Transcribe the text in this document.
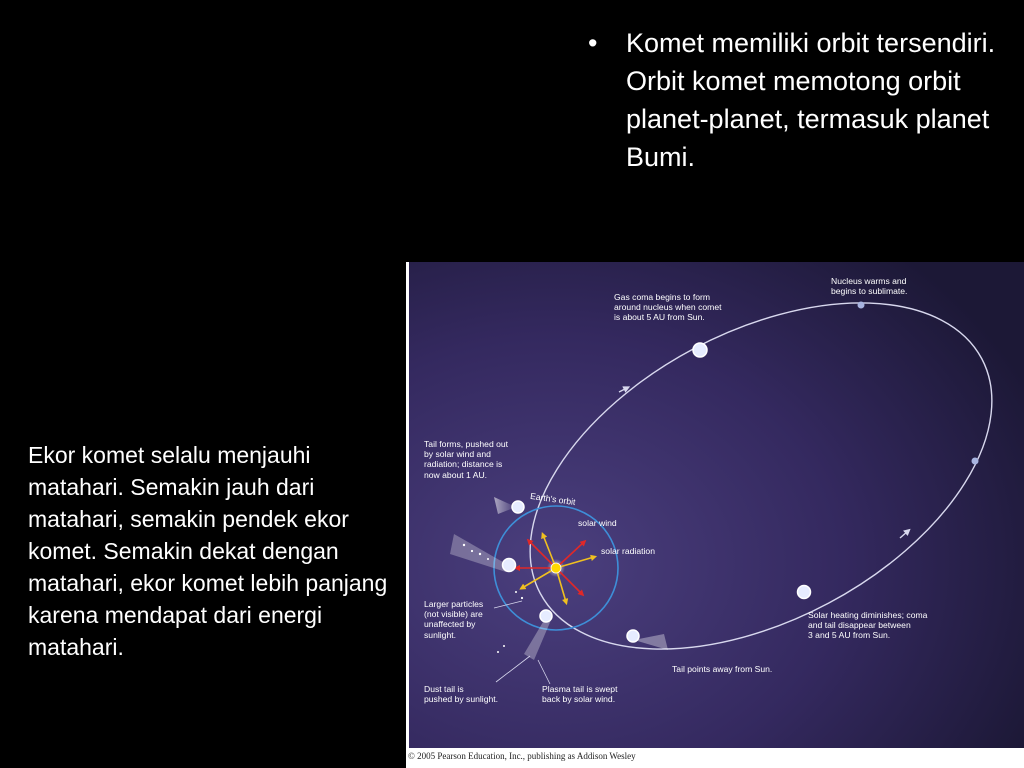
• Komet memiliki orbit tersendiri. Orbit komet memotong orbit planet-planet, termasuk planet Bumi.
Ekor komet selalu menjauhi matahari. Semakin jauh dari matahari, semakin pendek ekor komet. Semakin dekat dengan matahari, ekor komet lebih panjang karena mendapat dari energi matahari.
Nucleus warms and
begins to sublimate.
Gas coma begins to form
around nucleus when comet
is about 5 AU from Sun.
Tail forms, pushed out
by solar wind and
radiation; distance is
now about 1 AU.
Earth's orbit
solar wind
solar radiation
Larger particles
(not visible) are
unaffected by
sunlight.
Solar heating diminishes; coma
and tail disappear between
3 and 5 AU from Sun.
Tail points away from Sun.
Dust tail is
pushed by sunlight.
Plasma tail is swept
back by solar wind.
© 2005 Pearson Education, Inc., publishing as Addison Wesley
